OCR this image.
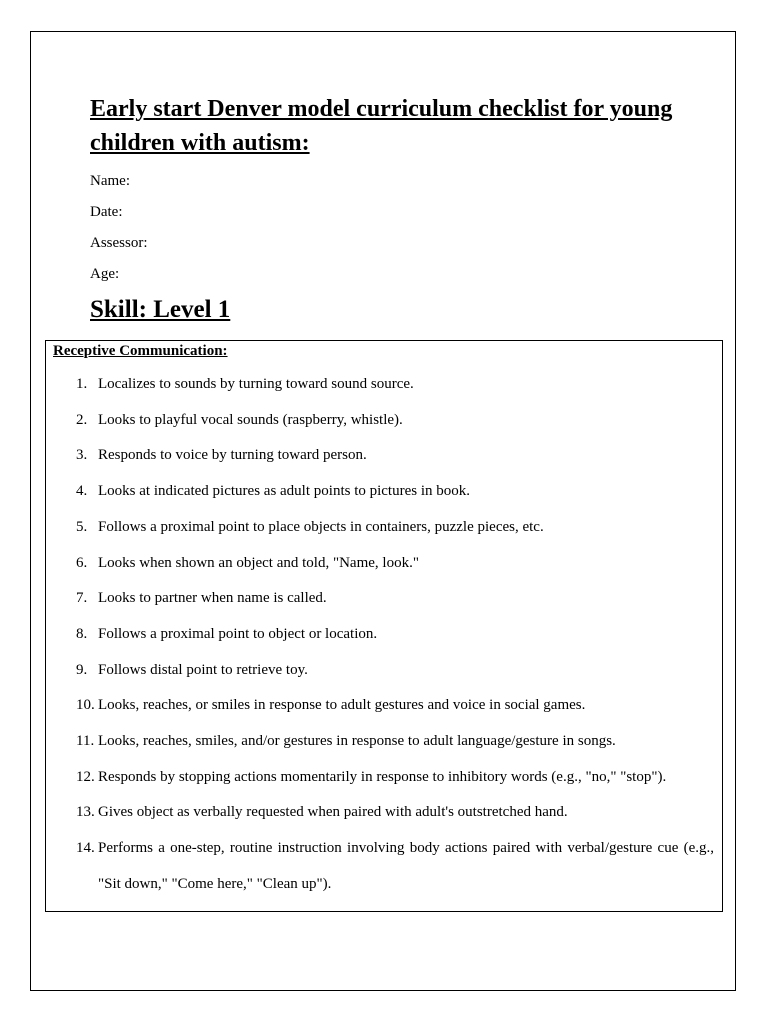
Early start Denver model curriculum checklist for young children with autism:
Name:
Date:
Assessor:
Age:
Skill: Level 1
Receptive Communication:
1. Localizes to sounds by turning toward sound source.
2. Looks to playful vocal sounds (raspberry, whistle).
3. Responds to voice by turning toward person.
4. Looks at indicated pictures as adult points to pictures in book.
5. Follows a proximal point to place objects in containers, puzzle pieces, etc.
6. Looks when shown an object and told, "Name, look."
7. Looks to partner when name is called.
8. Follows a proximal point to object or location.
9. Follows distal point to retrieve toy.
10. Looks, reaches, or smiles in response to adult gestures and voice in social games.
11. Looks, reaches, smiles, and/or gestures in response to adult language/gesture in songs.
12. Responds by stopping actions momentarily in response to inhibitory words (e.g., "no," "stop").
13. Gives object as verbally requested when paired with adult's outstretched hand.
14. Performs a one-step, routine instruction involving body actions paired with verbal/gesture cue (e.g., "Sit down," "Come here," "Clean up").
